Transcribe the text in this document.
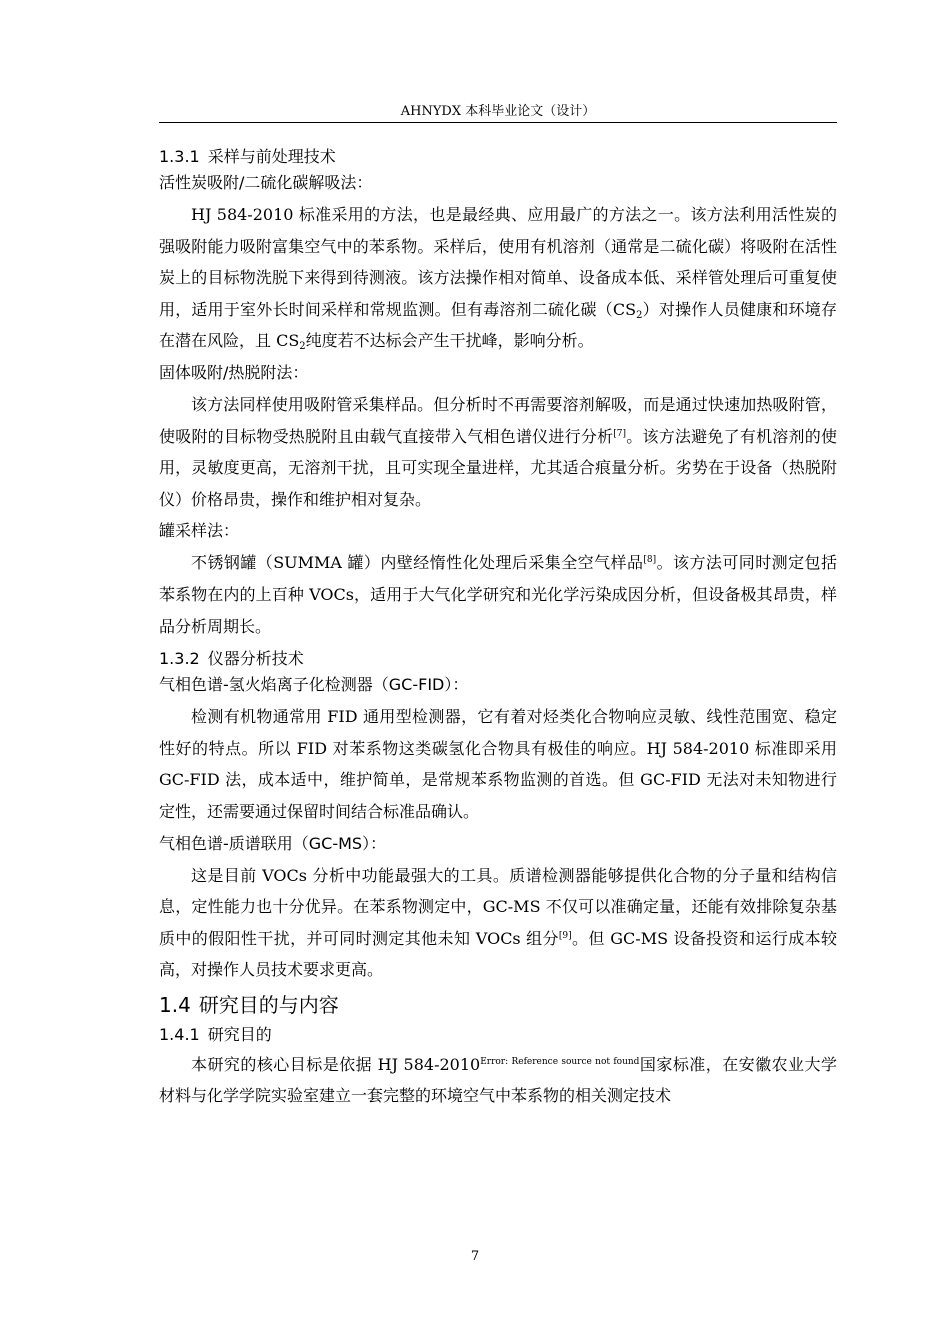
AHNYDX 本科毕业论文（设计）
1.3.1 采样与前处理技术
活性炭吸附/二硫化碳解吸法：

HJ 584-2010 标准采用的方法，也是最经典、应用最广的方法之一。该方法利用活性炭的强吸附能力吸附富集空气中的苯系物。采样后，使用有机溶剂（通常是二硫化碳）将吸附在活性炭上的目标物洗脱下来得到待测液。该方法操作相对简单、设备成本低、采样管处理后可重复使用，适用于室外长时间采样和常规监测。但有毒溶剂二硫化碳$(CS_2)$对操作人员健康和环境存在潜在风险，且 $CS_2$纯度若不达标会产生干扰峰，影响分析。

固体吸附/热脱附法：

该方法同样使用吸附管采集样品。但分析时不再需要溶剂解吸，而是通过快速加热吸附管，使吸附的目标物受热脱附且由载气直接带入气相色谱仪进行分析[7]。该方法避免了有机溶剂的使用，灵敏度更高，无溶剂干扰，且可实现全量进样，尤其适合痕量分析。劣势在于设备（热脱附仪）价格昂贵，操作和维护相对复杂。

罐采样法：

不锈钢罐（SUMMA 罐）内壁经惰性化处理后采集全空气样品[8]。该方法可同时测定包括苯系物在内的上百种 VOCs，适用于大气化学研究和光化学污染成因分析，但设备极其昂贵，样品分析周期长。

1.3.2 仪器分析技术
气相色谱-氢火焰离子化检测器（GC-FID）：

检测有机物通常用 FID 通用型检测器，它有着对烃类化合物响应灵敏、线性范围宽、稳定性好的特点。所以 FID 对苯系物这类碳氢化合物具有极佳的响应。HJ 584-2010 标准即采用 GC-FID 法，成本适中，维护简单，是常规苯系物监测的首选。但 GC-FID 无法对未知物进行定性，还需要通过保留时间结合标准品确认。

气相色谱-质谱联用（GC-MS）：

这是目前 VOCs 分析中功能最强大的工具。质谱检测器能够提供化合物的分子量和结构信息，定性能力也十分优异。在苯系物测定中，GC-MS 不仅可以准确定量，还能有效排除复杂基质中的假阳性干扰，并可同时测定其他未知 VOCs 组分[9]。但 GC-MS 设备投资和运行成本较高，对操作人员技术要求更高。

1.4 研究目的与内容
1.4.1 研究目的

本研究的核心目标是依据 HJ $584-2010^{Error: Reference source not found}$国家标准，在安徽农业大学材料与化学学院实验室建立一套完整的环境空气中苯系物的相关测定技术

7
